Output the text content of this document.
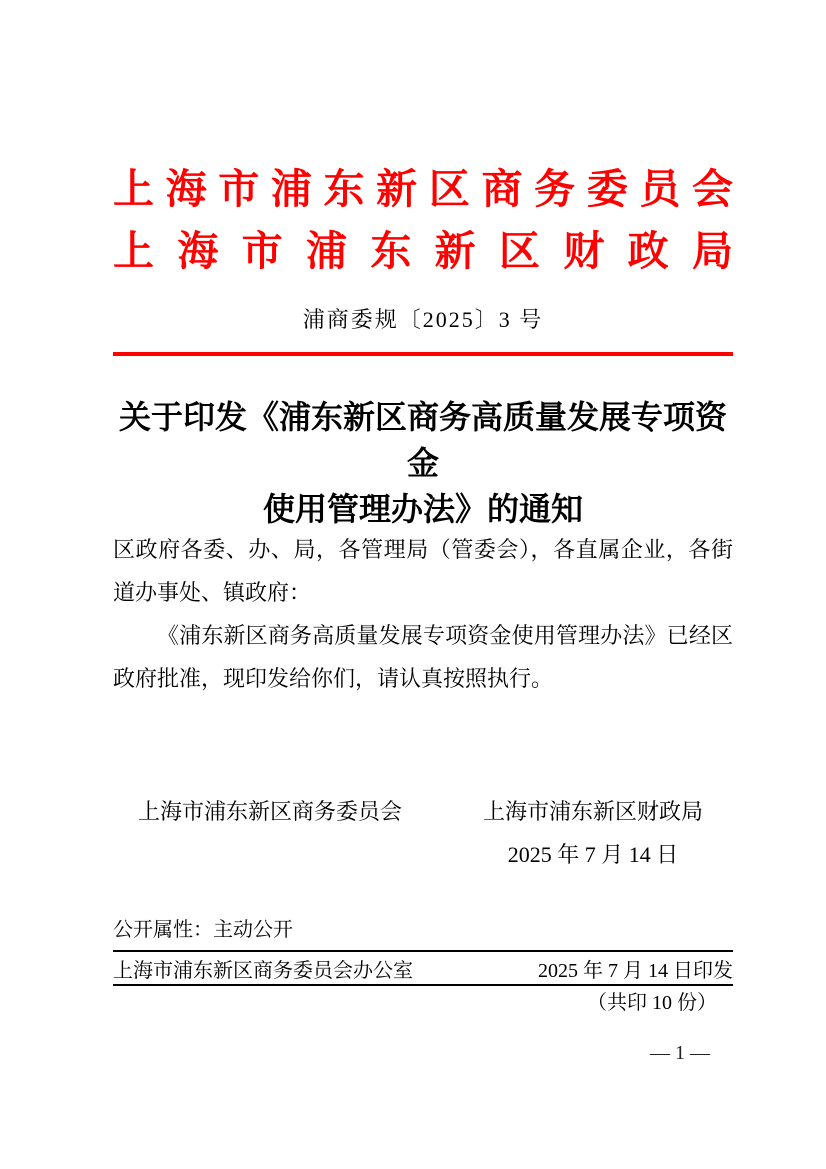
上海市浦东新区商务委员会
上海市浦东新区财政局
浦商委规〔2025〕3 号
关于印发《浦东新区商务高质量发展专项资金
使用管理办法》的通知

区政府各委、办、局，各管理局（管委会），各直属企业，各街道办事处、镇政府：

《浦东新区商务高质量发展专项资金使用管理办法》已经区政府批准，现印发给你们，请认真按照执行。

上海市浦东新区商务委员会	上海市浦东新区财政局
2025 年 7 月 14 日
公开属性：主动公开
上海市浦东新区商务委员会办公室	2025 年 7 月 14 日印发
（共印 10 份）
— 1 —
